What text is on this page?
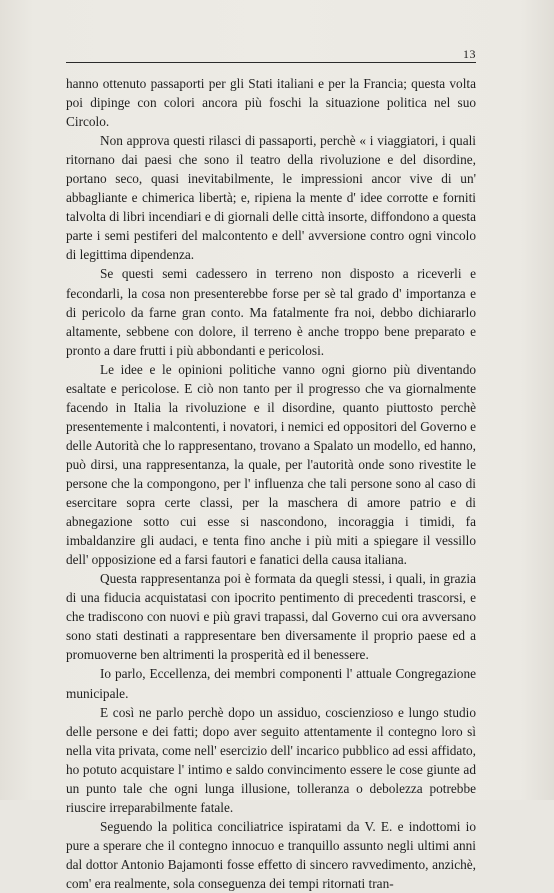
13

hanno ottenuto passaporti per gli Stati italiani e per la Francia; questa volta poi dipinge con colori ancora più foschi la situazione politica nel suo Circolo.

Non approva questi rilasci di passaporti, perchè « i viaggiatori, i quali ritornano dai paesi che sono il teatro della rivoluzione e del disordine, portano seco, quasi inevitabilmente, le impressioni ancor vive di un' abbagliante e chimerica libertà; e, ripiena la mente d' idee corrotte e forniti talvolta di libri incendiari e di giornali delle città insorte, diffondono a questa parte i semi pestiferi del malcontento e dell' avversione contro ogni vincolo di legittima dipendenza.

Se questi semi cadessero in terreno non disposto a riceverli e fecondarli, la cosa non presenterebbe forse per sè tal grado d' importanza e di pericolo da farne gran conto. Ma fatalmente fra noi, debbo dichiararlo altamente, sebbene con dolore, il terreno è anche troppo bene preparato e pronto a dare frutti i più abbondanti e pericolosi.

Le idee e le opinioni politiche vanno ogni giorno più diventando esaltate e pericolose. E ciò non tanto per il progresso che va giornalmente facendo in Italia la rivoluzione e il disordine, quanto piuttosto perchè presentemente i malcontenti, i novatori, i nemici ed oppositori del Governo e delle Autorità che lo rappresentano, trovano a Spalato un modello, ed hanno, può dirsi, una rappresentanza, la quale, per l'autorità onde sono rivestite le persone che la compongono, per l' influenza che tali persone sono al caso di esercitare sopra certe classi, per la maschera di amore patrio e di abnegazione sotto cui esse si nascondono, incoraggia i timidi, fa imbaldanzire gli audaci, e tenta fino anche i più miti a spiegare il vessillo dell' opposizione ed a farsi fautori e fanatici della causa italiana.

Questa rappresentanza poi è formata da quegli stessi, i quali, in grazia di una fiducia acquistatasi con ipocrito pentimento di precedenti trascorsi, e che tradiscono con nuovi e più gravi trapassi, dal Governo cui ora avversano sono stati destinati a rappresentare ben diversamente il proprio paese ed a promuoverne ben altrimenti la prosperità ed il benessere.

Io parlo, Eccellenza, dei membri componenti l' attuale Congregazione municipale.

E così ne parlo perchè dopo un assiduo, coscienzioso e lungo studio delle persone e dei fatti; dopo aver seguito attentamente il contegno loro sì nella vita privata, come nell' esercizio dell' incarico pubblico ad essi affidato, ho potuto acquistare l' intimo e saldo convincimento essere le cose giunte ad un punto tale che ogni lunga illusione, tolleranza o debolezza potrebbe riuscire irreparabilmente fatale.

Seguendo la politica conciliatrice ispiratami da V. E. e indottomi io pure a sperare che il contegno innocuo e tranquillo assunto negli ultimi anni dal dottor Antonio Bajamonti fosse effetto di sincero ravvedimento, anzichè, com' era realmente, sola conseguenza dei tempi ritornati tran-
